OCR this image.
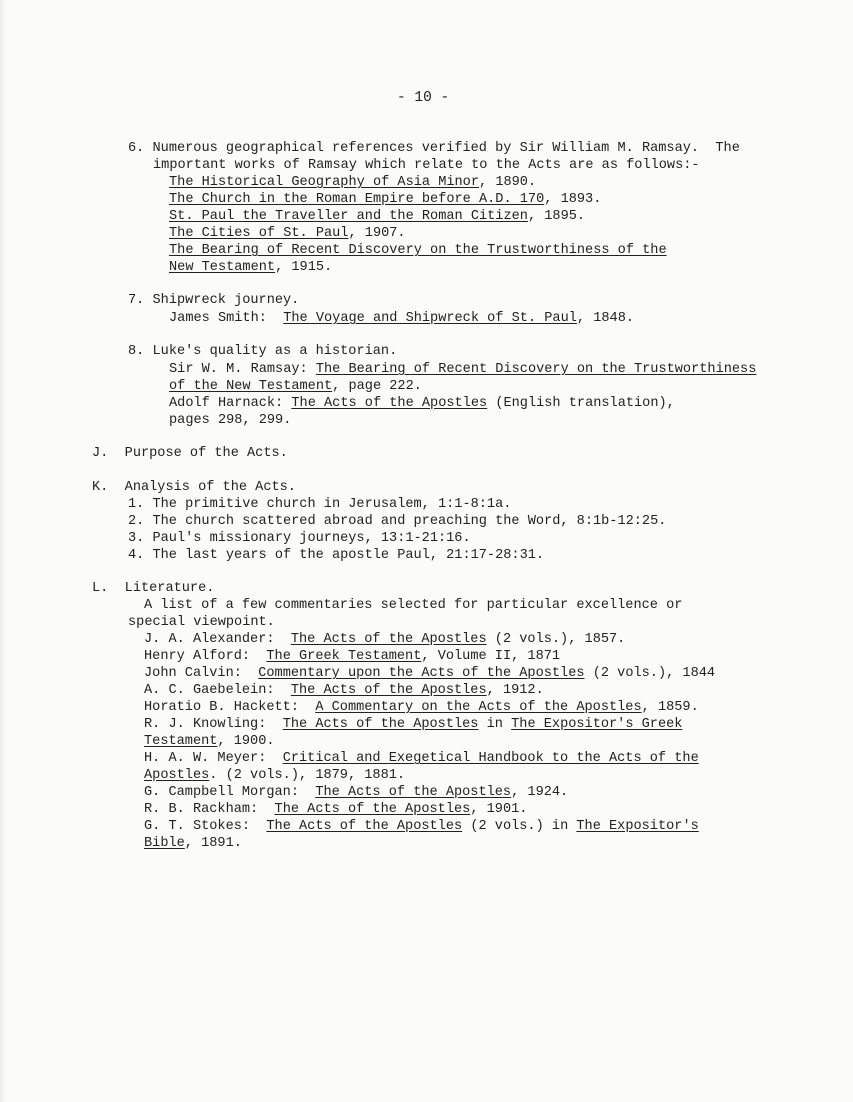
- 10 -
6. Numerous geographical references verified by Sir William M. Ramsay.  The
important works of Ramsay which relate to the Acts are as follows:-
The Historical Geography of Asia Minor, 1890.
The Church in the Roman Empire before A.D. 170, 1893.
St. Paul the Traveller and the Roman Citizen, 1895.
The Cities of St. Paul, 1907.
The Bearing of Recent Discovery on the Trustworthiness of the
New Testament, 1915.
7. Shipwreck journey.
James Smith:  The Voyage and Shipwreck of St. Paul, 1848.
8. Luke's quality as a historian.
Sir W. M. Ramsay: The Bearing of Recent Discovery on the Trustworthiness
of the New Testament, page 222.
Adolf Harnack: The Acts of the Apostles (English translation),
pages 298, 299.
J. Purpose of the Acts.
K. Analysis of the Acts.
1. The primitive church in Jerusalem, 1:1-8:1a.
2. The church scattered abroad and preaching the Word, 8:1b-12:25.
3. Paul's missionary journeys, 13:1-21:16.
4. The last years of the apostle Paul, 21:17-28:31.
L. Literature.
A list of a few commentaries selected for particular excellence or
special viewpoint.
J. A. Alexander:  The Acts of the Apostles (2 vols.), 1857.
Henry Alford:  The Greek Testament, Volume II, 1871
John Calvin:  Commentary upon the Acts of the Apostles (2 vols.), 1844
A. C. Gaebelein:  The Acts of the Apostles, 1912.
Horatio B. Hackett:  A Commentary on the Acts of the Apostles, 1859.
R. J. Knowling:  The Acts of the Apostles in The Expositor's Greek
Testament, 1900.
H. A. W. Meyer:  Critical and Exegetical Handbook to the Acts of the
Apostles. (2 vols.), 1879, 1881.
G. Campbell Morgan:  The Acts of the Apostles, 1924.
R. B. Rackham:  The Acts of the Apostles, 1901.
G. T. Stokes:  The Acts of the Apostles (2 vols.) in The Expositor's
Bible, 1891.
